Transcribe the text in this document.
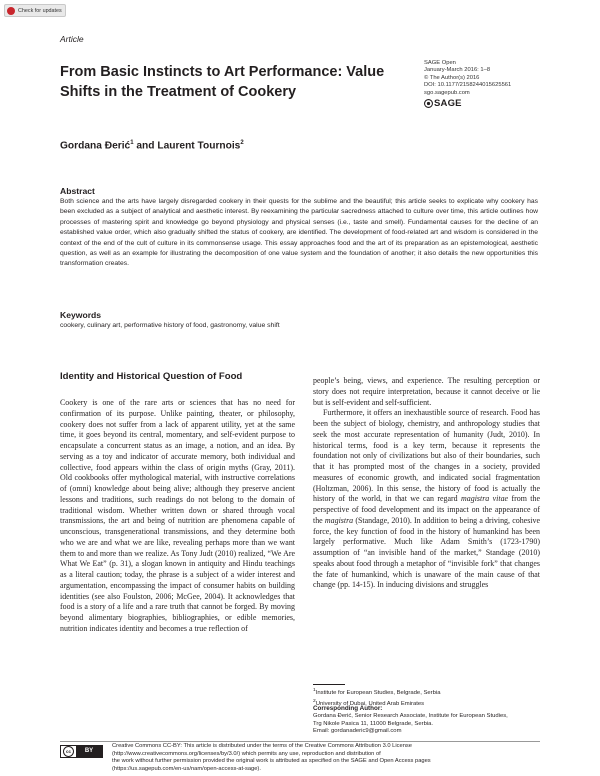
Check for updates
Article
From Basic Instincts to Art Performance: Value Shifts in the Treatment of Cookery
SAGE Open
January-March 2016: 1–8
© The Author(s) 2016
DOI: 10.1177/2158244015625561
sgo.sagepub.com
SAGE
Gordana Đerić$^1$ and Laurent Tournois$^2$
Abstract
Both science and the arts have largely disregarded cookery in their quests for the sublime and the beautiful; this article seeks to explicate why cookery has been excluded as a subject of analytical and aesthetic interest. By reexamining the particular sacredness attached to culture over time, this article outlines how processes of mastering spirit and knowledge go beyond physiology and physical senses (i.e., taste and smell). Fundamental causes for the decline of an established value order, which also gradually shifted the status of cookery, are identified. The development of food-related art and wisdom is considered in the context of the end of the cult of culture in its commonsense usage. This essay approaches food and the art of its preparation as an epistemological, aesthetic question, as well as an example for illustrating the decomposition of one value system and the foundation of another; it also details the new opportunities this transformation creates.
Keywords
cookery, culinary art, performative history of food, gastronomy, value shift
Identity and Historical Question of Food

Cookery is one of the rare arts or sciences that has no need for confirmation of its purpose. Unlike painting, theater, or philosophy, cookery does not suffer from a lack of apparent utility, yet at the same time, it goes beyond its central, momentary, and self-evident purpose to encapsulate a concurrent status as an image, a notion, and an idea. By serving as a toy and indicator of accurate memory, both individual and collective, food appears within the class of origin myths (Gray, 2011). Old cookbooks offer mythological material, with instructive correlations of (omni) knowledge about being alive; although they preserve ancient lessons and traditions, such readings do not belong to the domain of traditional wisdom. Whether written down or shared through vocal transmissions, the art and being of nutrition are phenomena capable of unconscious, transgenerational transmissions, and they determine both who we are and what we are like, revealing perhaps more than we want them to and more than we realize. As Tony Judt (2010) realized, “We Are What We Eat” (p. 31), a slogan known in antiquity and Hindu teachings as a literal caution; today, the phrase is a subject of a wider interest and argumentation, encompassing the impact of consumer habits on building identities (see also Foulston, 2006; McGee, 2004). It acknowledges that food is a story of a life and a rare truth that cannot be forged. By moving beyond alimentary biographies, bibliographies, or edible memories, nutrition indicates identity and becomes a true reflection of

people’s being, views, and experience. The resulting perception or story does not require interpretation, because it cannot deceive or lie but is self-evident and self-sufficient.

Furthermore, it offers an inexhaustible source of research. Food has been the subject of biology, chemistry, and anthropology studies that seek the most accurate representation of humanity (Judt, 2010). In historical terms, food is a key term, because it represents the foundation not only of civilizations but also of their boundaries, such that it has prompted most of the changes in a society, provided measures of economic growth, and indicated social fragmentation (Holtzman, 2006). In this sense, the history of food is actually the history of the world, in that we can regard magistra vitae from the perspective of food development and its impact on the appearance of the magistra (Standage, 2010). In addition to being a driving, cohesive force, the key function of food in the history of humankind has been largely performative. Much like Adam Smith’s (1723-1790) assumption of “an invisible hand of the market,” Standage (2010) speaks about food through a metaphor of “invisible fork” that changes the fate of humankind, which is unaware of the main cause of that change (pp. 14-15). In inducing divisions and struggles

$^1$Institute for European Studies, Belgrade, Serbia
$^2$University of Dubai, United Arab Emirates
Corresponding Author:
Gordana Đerić, Senior Research Associate, Institute for European Studies,
Trg Nikole Pasica 11, 11000 Belgrade, Serbia.
Email: gordanaderic9@gmail.com
cc	BY
Creative Commons CC-BY: This article is distributed under the terms of the Creative Commons Attribution 3.0 License
(http://www.creativecommons.org/licenses/by/3.0/) which permits any use, reproduction and distribution of
the work without further permission provided the original work is attributed as specified on the SAGE and Open Access pages
(https://us.sagepub.com/en-us/nam/open-access-at-sage).
